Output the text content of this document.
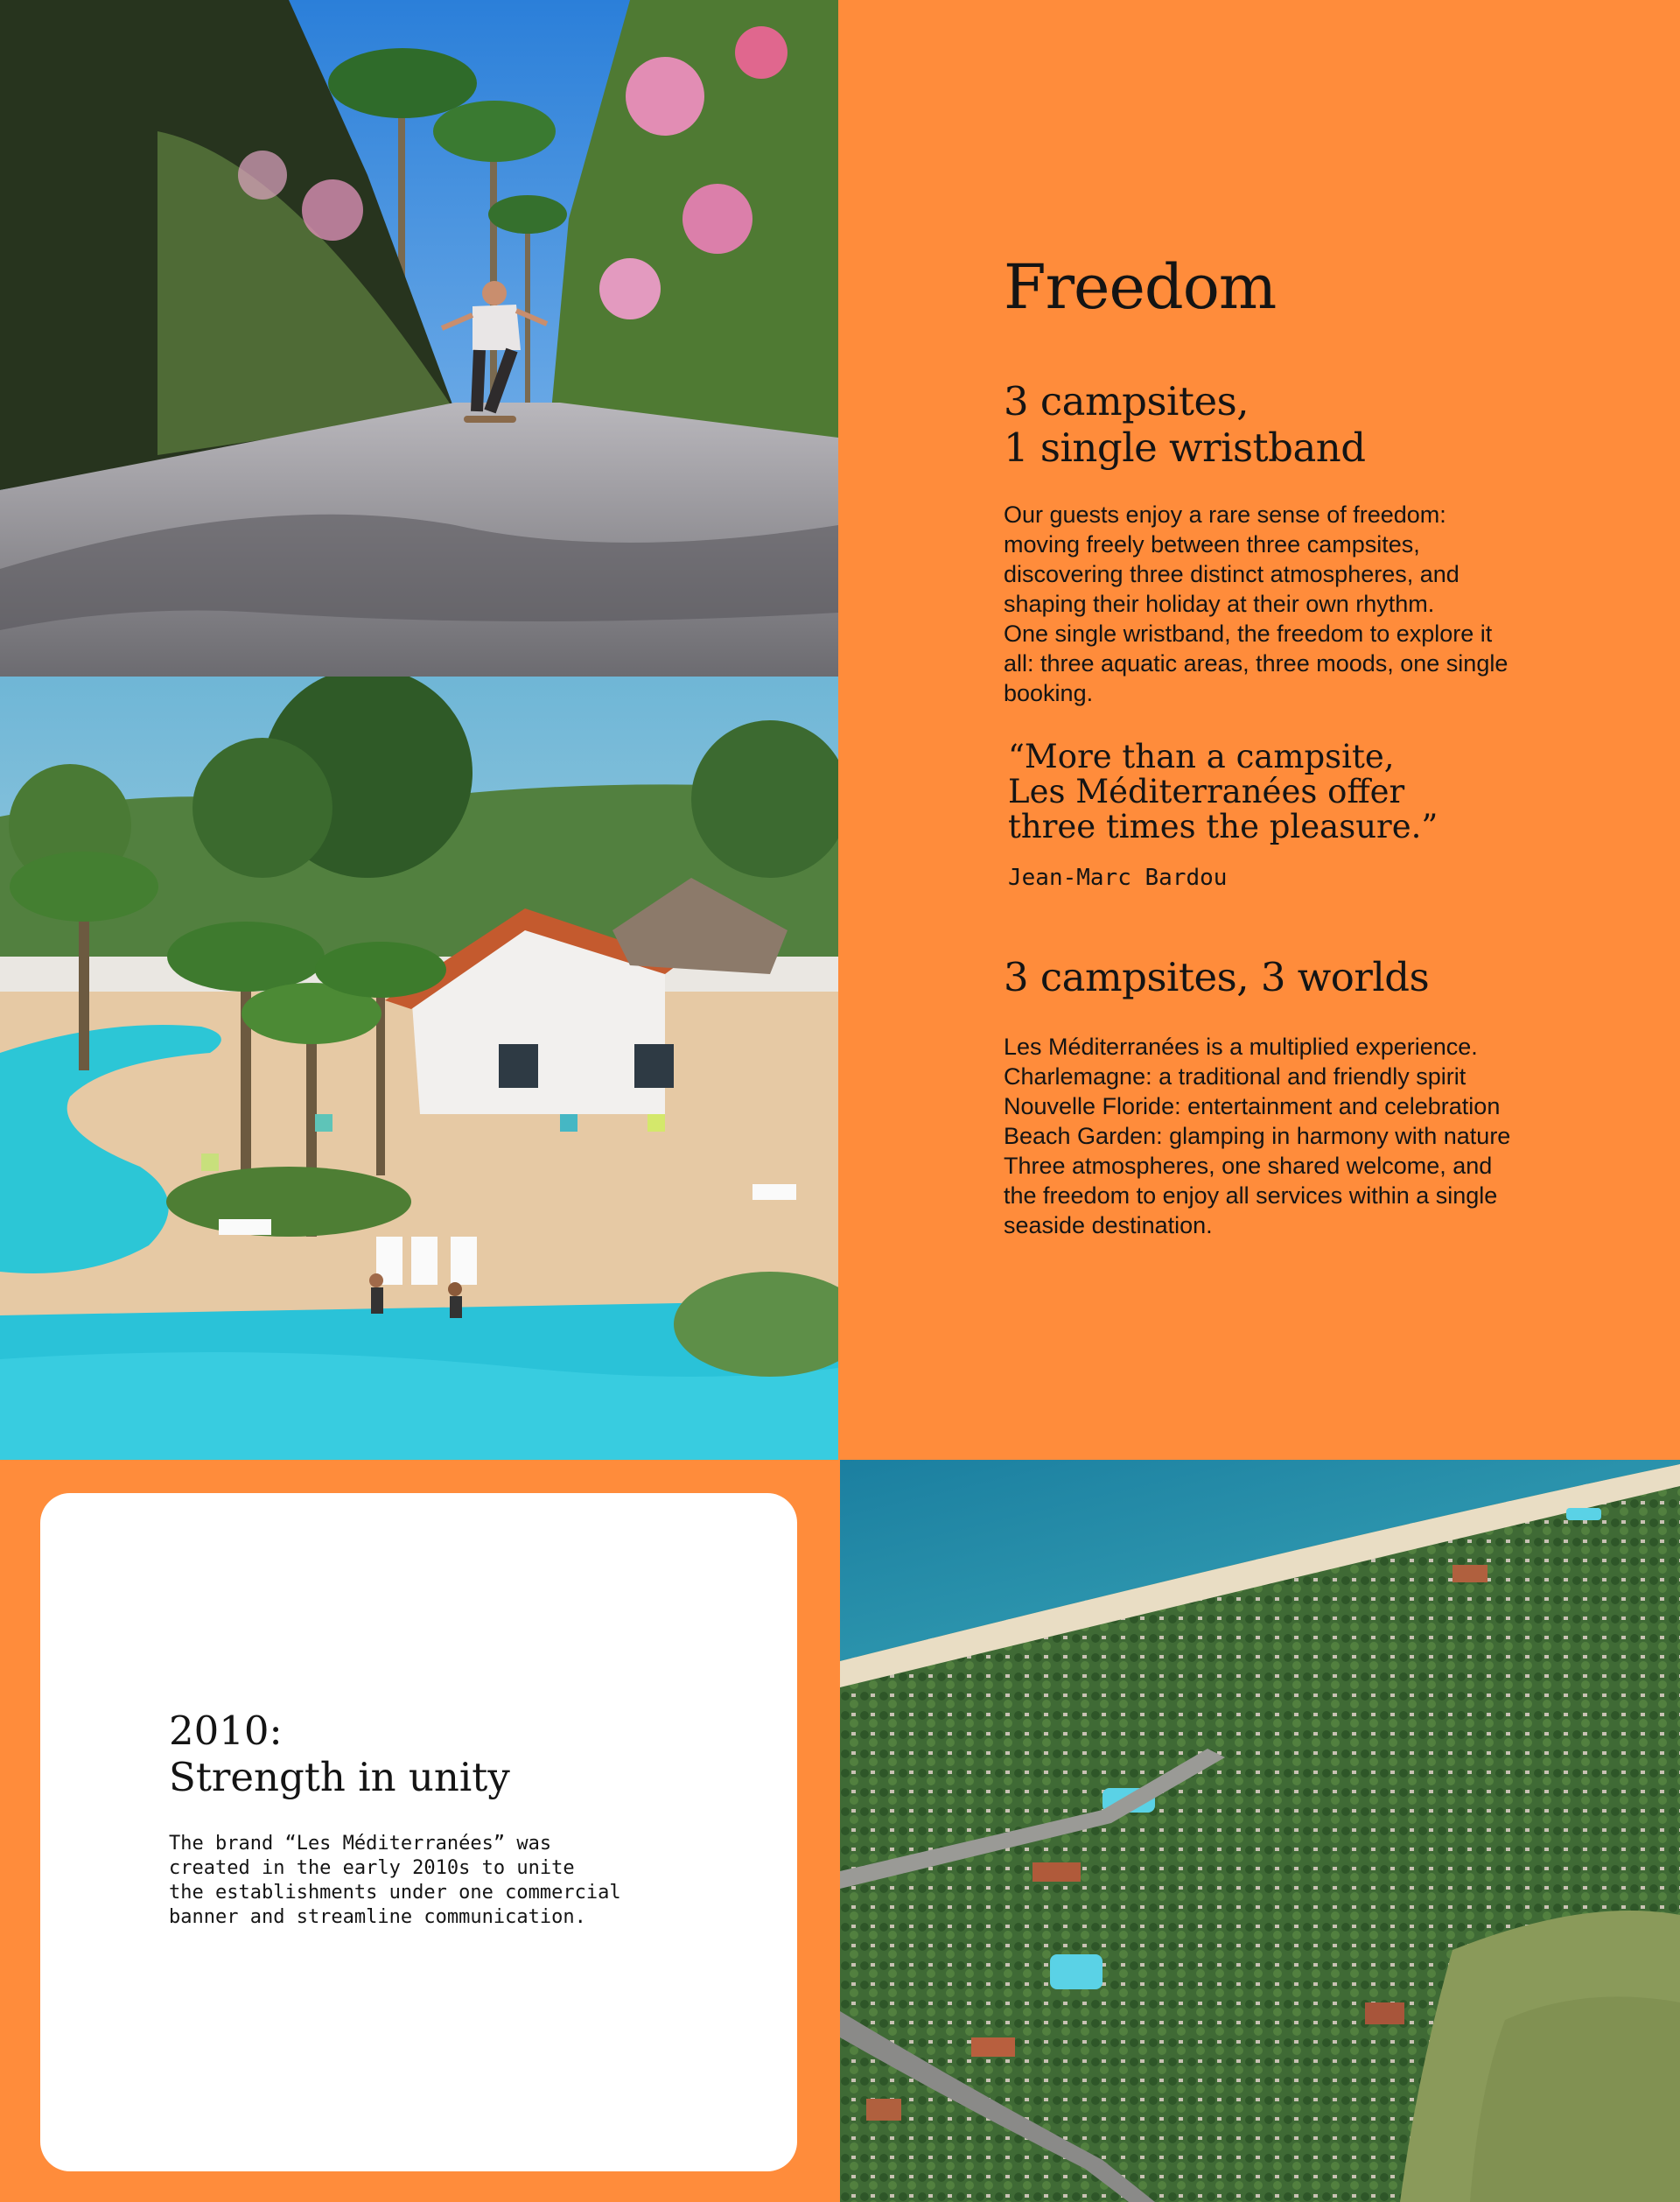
Freedom
3 campsites,
1 single wristband

Our guests enjoy a rare sense of freedom: moving freely between three campsites, discovering three distinct atmospheres, and shaping their holiday at their own rhythm.
One single wristband, the freedom to explore it all: three aquatic areas, three moods, one single booking.

“More than a campsite,
Les Méditerranées offer
three times the pleasure.”

Jean-Marc Bardou

3 campsites, 3 worlds

Les Méditerranées is a multiplied experience.
Charlemagne: a traditional and friendly spirit
Nouvelle Floride: entertainment and celebration
Beach Garden: glamping in harmony with nature
Three atmospheres, one shared welcome, and the freedom to enjoy all services within a single seaside destination.

2010:
Strength in unity

The brand “Les Méditerranées” was
created in the early 2010s to unite
the establishments under one commercial
banner and streamline communication.
